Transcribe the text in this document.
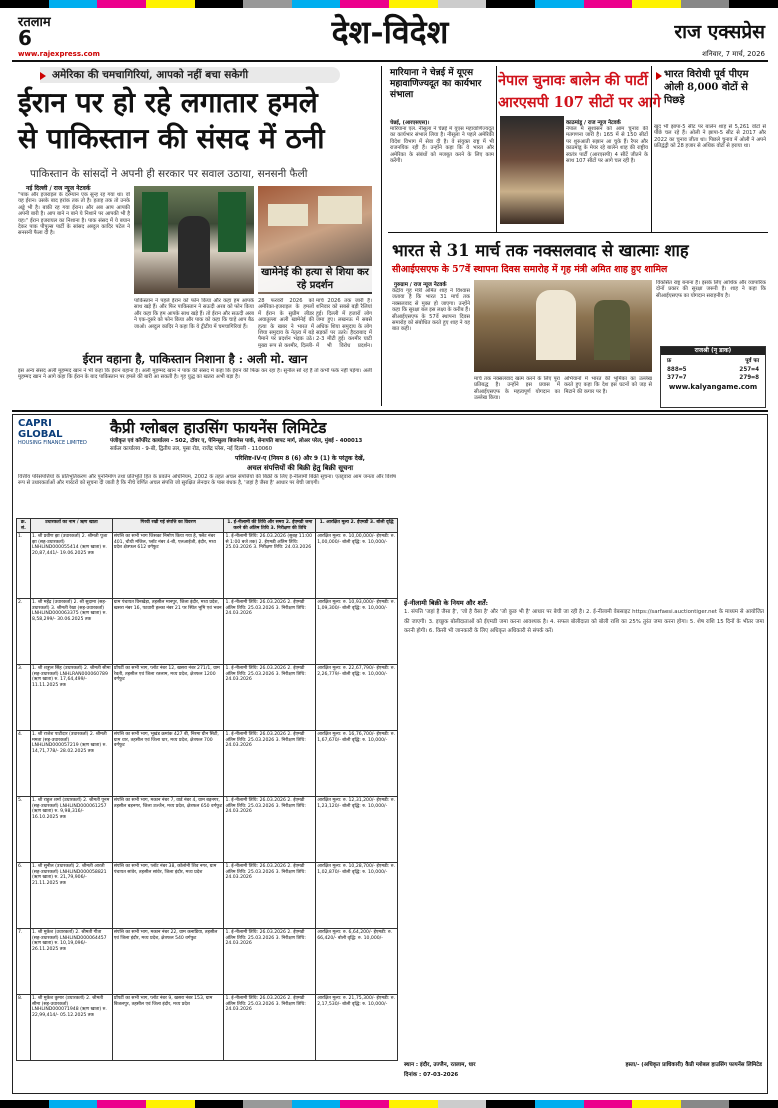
रतलाम
6
www.rajexpress.com
देश-विदेश	राज एक्सप्रेस
शनिवार, 7 मार्च, 2026
अमेरिका की चमचागिरियां, आपको नहीं बचा सकेगी
ईरान पर हो रहे लगातार हमले
से पाकिस्तान की संसद में ठनी
पाकिस्तान के सांसदों ने अपनी ही सरकार पर सवाल उठाया, सनसनी फैली
नई दिल्ली / राज न्यूज नेटवर्क
"पाक और इजराइल के दरम्यान एक सुन्ह रह गया था। वो यह ईरान। उसके बाद हरांक तक तो है। हताह तक तो उनके अड्डे भी है। बाकी रह गया ईरान। और अब आप आपकी अपनी बारी है। आप बाने न बाने ये निशाने पर आपकी भी है यह।" ईरान इजरायल का निशाना है। पाक संसद में ये बयान देकर पाक पीपुल्स पार्टी के सांसद अब्दुल कादिर पटेल ने सनसनी फैला दी है।
पाकिस्तान ने पहले ईरान को फोन किया और कहा हम आपके साथ खड़े हैं। और फिर पाकिस्तान ने सऊदी अरब को फोन किया और कहा कि हम आपके साथ खड़े हैं। तो ईरान और सऊदी अरब ने एक-दूसरे को फोन किया और पाक को कहा कि चाहे आप बैठ जाओ। अब्दुल कादिर ने कहा कि ये ट्रीटीय में चमचागिरियां हैं।
ईरान वहाना है, पाकिस्तान निशाना है : अली मो. खान
इस अन्य संसद अली मुहम्मद खान ने भी कहा कि ईरान बहाना है। अली मुहम्मद खान ने पाक की संसद में कहा कि ईरान की फिक्र कर रहा है। सुनील सो रहे हैं तो कभी फर्क नहीं पड़ेगा। अली मुहम्मद खान ने आगे कहा कि ईरान के बाद पाकिस्तान पर हमले की बारी आ सकती है। गृह युद्ध का खतरा अभी बड़ा है।
खामेनेई की हत्या से शिया कर रहे प्रदर्शन
मारियाना ने चेन्नई में यूएस महावाणिज्यदूत का कार्यभार संभाला
चेन्नई, (आरएसएस)।
मारियाना एल. नीसूला ने चेन्नई में यूएस महावाणिज्यदूत का कार्यभार संभाल लिया है। नीसूला ने पहले अमेरिकी विदेश विभाग में सेवा दी है। वे संयुक्त राष्ट्र में भी राजनयिक रही हैं। उन्होंने कहा कि वे भारत और अमेरिका के संबंधों को मजबूत करने के लिए काम करेंगी।
नेपाल चुनावः बालेन की पार्टी
आरएसपी 107 सीटों पर आगे
काठमांडू / राज न्यूज नेटवर्क
नेपाल में सुशासन को आम चुनाव की मतगणना जारी है। 165 में से 150 सीटों पर शुरुआती रुझान आ चुके हैं। रैपर और काठमांडू के मेयर रहे बालेन शाह की राष्ट्रीय स्वतंत्र पार्टी (आरएसपी) 4 सीटें जीतने के साथ 107 सीटों पर आगे चल रही है।
भारत विरोधी पूर्व पीएम ओली 8,000 वोटों से पिछड़े
खुद भी झापा-5 सीट पर बालेन शाह से 5,261 वोटों से पीछे चल रहे हैं। ओली ने झापा-5 सीट से 2017 और 2022 का चुनाव जीता था। पिछले चुनाव में ओली ने अपने प्रतिद्वंद्वी को 28 हजार से अधिक वोटों से हराया था।
भारत से 31 मार्च तक नक्सलवाद से खात्माः शाह
सीआईएसएफ के 57वें स्थापना दिवस समारोह में गृह मंत्री अमित शाह हुए शामिल
गुरुग्राम / राज न्यूज नेटवर्क
केंद्रीय गृह मंत्री अमित शाह ने विश्वास जताया है कि भारत 31 मार्च तक नक्सलवाद से मुक्त हो जाएगा। उन्होंने कहा कि सुरक्षा बल इस लक्ष्य के करीब हैं। सीआईएसएफ के 57वें स्थापना दिवस समारोह को संबोधित करते हुए शाह ने यह बात कही।
मार्च तक नक्सलवाद खत्म करने के लिए पूरा प्रतिबद्ध है। उन्होंने इस प्रयास में सीआईएसएफ के महत्वपूर्ण योगदान का उल्लेख किया।
अभियानों में भारत की भूमिका का उल्लेख करते हुए कहा कि देश इस घटनों को जड़ से मिटाने की कगार पर है।
विकसित राष्ट्र बनाना है। इसके लिए आर्थिक और व्यापारिक दोनों प्रकार की सुरक्षा जरूरी है। शाह ने कहा कि सीआईएसएफ का योगदान सराहनीय है।
राजश्री (नृ डाक)
फ्र	पूर्व फा
888=5	257=4
377=7	279=8
www.kalyangame.com
CAPRI GLOBAL
HOUSING FINANCE LIMITED
कैप्री ग्लोबल हाउसिंग फायनेंस लिमिटेड
पंजीकृत एवं कॉर्पोरेट कार्यालय - 502, टॉवर ए, पेनिन्सुला बिजनेस पार्क, सेनापति बापट मार्ग, लोअर परेल, मुंबई - 400013
सर्कल कार्यालय - 9-बी, द्वितीय तल, पूसा रोड, राजेंद्र प्लेस, नई दिल्ली - 110060
परिशिष्ट-IV-ए (नियम 8 (6) और 9 (1) के परंतुक देखें,
अचल संपत्तियों की बिक्री हेतु बिक्री सूचना
वित्तीय परिसंपत्तियों के प्रतिभूतिकरण और पुनर्निर्माण तथा प्रतिभूति हित के प्रवर्तन अधिनियम, 2002 के तहत अचल संपत्तियों की बिक्री के लिए ई-नीलामी बिक्री सूचना। एतद्द्वारा आम जनता और विशेष रूप से उधारकर्ताओं और गारंटरों को सूचना दी जाती है कि नीचे वर्णित अचल संपत्ति जो सुरक्षित लेनदार के पास बंधक है, 'जहां है जैसा है' आधार पर बेची जाएगी।
क्र. सं.	उधारकर्ता का नाम / ऋण खाता	गिरवी रखी गई संपत्ति का विवरण	1. ई-नीलामी की तिथि और समय 2. ईएमडी जमा करने की अंतिम तिथि 3. निरीक्षण की तिथि	1. आरक्षित मूल्य 2. ईएमडी 3. बोली वृद्धि
1.	1. श्री प्रवीण झा (उधारकर्ता) 2. श्रीमती पूजा झा (सह-उधारकर्ता) LNHLIND000055414 (ऋण खाता) रु. 20,87,441/- 19.06.2025 तक	संपत्ति का सभी भाग जिसका निर्माण किया गया है, फ्लैट नंबर 401, चौथी मंजिल, प्लॉट नंबर 4-बी, एलआईजी, इंदौर, मध्य प्रदेश क्षेत्रफल 612 वर्गफुट	1. ई-नीलामी तिथि: 26.03.2026 (सुबह 11:00 से 1:00 बजे तक) 2. ईएमडी अंतिम तिथि: 25.03.2026 3. निरीक्षण तिथि: 24.03.2026	आरक्षित मूल्य: रु. 10,00,000/- ईएमडी: रु. 1,00,000/- बोली वृद्धि: रु. 10,000/-
2.	1. श्री महेंद्र (उधारकर्ता) 2. श्री सुदामा (सह-उधारकर्ता) 3. श्रीमती रेखा (सह-उधारकर्ता) LNHLIND000063375 (ऋण खाता) रु. 8,58,299/- 30.06.2025 तक	ग्राम पंचायत विनखेड़ा, तहसील मानपुर, जिला इंदौर, मध्य प्रदेश, खसरा नंबर 16, पटवारी हल्का नंबर 21 पर स्थित भूमि एवं भवन	1. ई-नीलामी तिथि: 26.03.2026 2. ईएमडी अंतिम तिथि: 25.03.2026 3. निरीक्षण तिथि: 24.03.2026	आरक्षित मूल्य: रु. 10,93,000/- ईएमडी: रु. 1,09,300/- बोली वृद्धि: रु. 10,000/-
3.	1. श्री शत्रुघ्न सिंह (उधारकर्ता) 2. श्रीमती सीमा (सह-उधारकर्ता) LNHLRAN000060789 (ऋण खाता) रु. 17,64,499/- 11.11.2025 तक	प्रॉपर्टी का सभी भाग, प्लॉट नंबर 12, खसरा नंबर 271/1, ग्राम रेवती, तहसील एवं जिला रतलाम, मध्य प्रदेश, क्षेत्रफल 1200 वर्गफुट	1. ई-नीलामी तिथि: 26.03.2026 2. ईएमडी अंतिम तिथि: 25.03.2026 3. निरीक्षण तिथि: 24.03.2026	आरक्षित मूल्य: रु. 22,67,790/- ईएमडी: रु. 2,26,779/- बोली वृद्धि: रु. 10,000/-
4.	1. श्री राजेश पाटीदार (उधारकर्ता) 2. श्रीमती ममता (सह-उधारकर्ता) LNHLIND000057219 (ऋण खाता) रु. 14,71,778/- 28.02.2025 तक	संपत्ति का सभी भाग, भूखंड क्रमांक 427 बी, निरमा ग्रीन सिटी, ग्राम धार, तहसील एवं जिला धार, मध्य प्रदेश, क्षेत्रफल 700 वर्गफुट	1. ई-नीलामी तिथि: 26.03.2026 2. ईएमडी अंतिम तिथि: 25.03.2026 3. निरीक्षण तिथि: 24.03.2026	आरक्षित मूल्य: रु. 16,76,700/- ईएमडी: रु. 1,67,670/- बोली वृद्धि: रु. 10,000/-
5.	1. श्री राहुल शर्मा (उधारकर्ता) 2. श्रीमती पूनम (सह-उधारकर्ता) LNHLIND000061257 (ऋण खाता) रु. 9,98,316/- 16.10.2025 तक	संपत्ति का सभी भाग, मकान नंबर 7, वार्ड नंबर 4, ग्राम बड़नगर, तहसील बड़नगर, जिला उज्जैन, मध्य प्रदेश, क्षेत्रफल 650 वर्गफुट	1. ई-नीलामी तिथि: 26.03.2026 2. ईएमडी अंतिम तिथि: 25.03.2026 3. निरीक्षण तिथि: 24.03.2026	आरक्षित मूल्य: रु. 12,31,200/- ईएमडी: रु. 1,23,120/- बोली वृद्धि: रु. 10,000/-
6.	1. श्री सुनील (उधारकर्ता) 2. श्रीमती आरती (सह-उधारकर्ता) LNHLIND000058821 (ऋण खाता) रु. 21,79,906/- 21.11.2025 तक	संपत्ति का सभी भाग, प्लॉट नंबर 38, कॉलोनी शिव नगर, ग्राम पंचायत सांवेर, तहसील सांवेर, जिला इंदौर, मध्य प्रदेश	1. ई-नीलामी तिथि: 26.03.2026 2. ईएमडी अंतिम तिथि: 25.03.2026 3. निरीक्षण तिथि: 24.03.2026	आरक्षित मूल्य: रु. 10,28,700/- ईएमडी: रु. 1,02,870/- बोली वृद्धि: रु. 10,000/-
7.	1. श्री मुकेश (उधारकर्ता) 2. श्रीमती गीता (सह-उधारकर्ता) LNHLIND000064457 (ऋण खाता) रु. 10,19,096/- 26.11.2025 तक	संपत्ति का सभी भाग, मकान नंबर 22, ग्राम कनाडिया, तहसील एवं जिला इंदौर, मध्य प्रदेश, क्षेत्रफल 540 वर्गफुट	1. ई-नीलामी तिथि: 26.03.2026 2. ईएमडी अंतिम तिथि: 25.03.2026 3. निरीक्षण तिथि: 24.03.2026	आरक्षित मूल्य: रु. 6,64,200/- ईएमडी: रु. 66,420/- बोली वृद्धि: रु. 10,000/-
8.	1. श्री मुकेश कुमार (उधारकर्ता) 2. श्रीमती सीमा (सह-उधारकर्ता) LNHLIND000071948 (ऋण खाता) रु. 22,99,414/- 05.12.2025 तक	प्रॉपर्टी का सभी भाग, प्लॉट नंबर 9, खसरा नंबर 153, ग्राम बिजलपुर, तहसील एवं जिला इंदौर, मध्य प्रदेश	1. ई-नीलामी तिथि: 26.03.2026 2. ईएमडी अंतिम तिथि: 25.03.2026 3. निरीक्षण तिथि: 24.03.2026	आरक्षित मूल्य: रु. 21,75,300/- ईएमडी: रु. 2,17,530/- बोली वृद्धि: रु. 10,000/-
ई-नीलामी बिक्री के नियम और शर्तें:
1. संपत्ति 'जहां है जैसा है', 'जो है वैसा है' और 'जो कुछ भी है' आधार पर बेची जा रही है। 2. ई-नीलामी वेबसाइट https://sarfaesi.auctiontiger.net के माध्यम से आयोजित की जाएगी। 3. इच्छुक बोलीदाताओं को ईएमडी जमा करना आवश्यक है। 4. सफल बोलीदाता को बोली राशि का 25% तुरंत जमा करना होगा। 5. शेष राशि 15 दिनों के भीतर जमा करनी होगी। 6. किसी भी जानकारी के लिए अधिकृत अधिकारी से संपर्क करें।
स्थान : इंदौर, उज्जैन, रतलाम, धार
दिनांक : 07-03-2026
हस्ता/- (अधिकृत प्राधिकारी) कैप्री ग्लोबल हाउसिंग फायनेंस लिमिटेड
28 फरवरी 2026 को अमेरिका-इजराइल के हमलों में ईरान के सुप्रीम लीडर अयातुल्ला अली खामेनेई की हत्या के खबर ने भारत में शिया समुदाय के नेतृत्व में बड़े पैमाने पर प्रदर्शन भड़क उठे। मुख्य रूप से कश्मीर, दिल्ली-
मार्च 2026 तक जारी हैं। शनिवार को सबसे बड़ी रैलियां हुई। दिल्ली में हजारों लोग जमा हुए। लखनऊ में सबसे अधिक शिया समुदाय के लोग सड़कों पर उतरे। हैदराबाद में 2-3 मीटी हुई। कश्मीर घाटी में भी विरोध प्रदर्शन।
